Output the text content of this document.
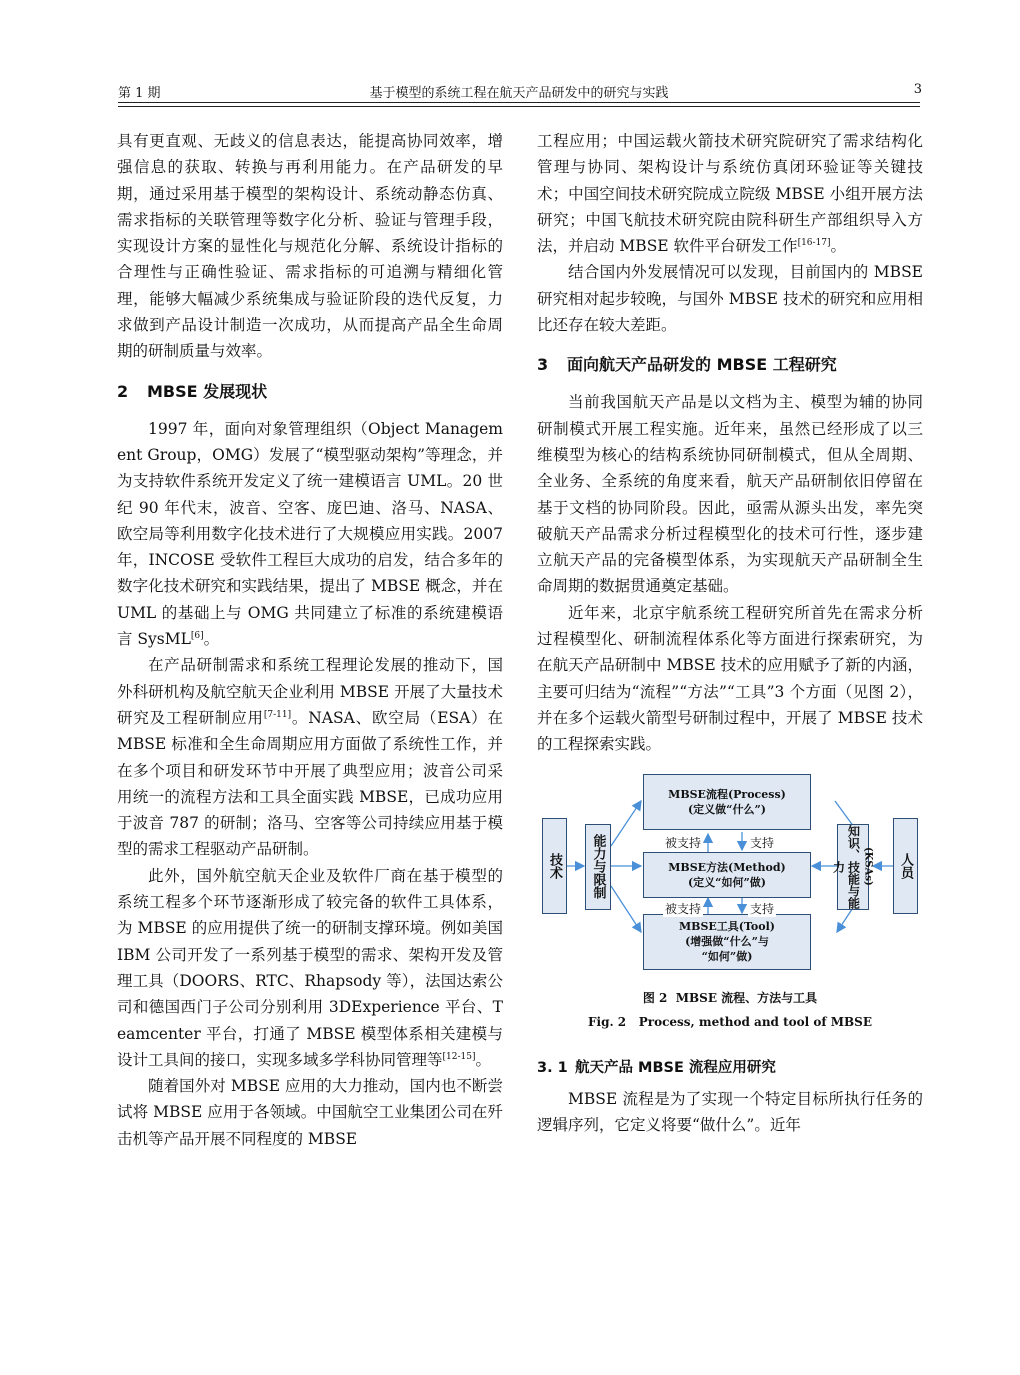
第 1 期	基于模型的系统工程在航天产品研发中的研究与实践	3

具有更直观、无歧义的信息表达，能提高协同效率，增强信息的获取、转换与再利用能力。在产品研发的早期，通过采用基于模型的架构设计、系统动静态仿真、需求指标的关联管理等数字化分析、验证与管理手段，实现设计方案的显性化与规范化分解、系统设计指标的合理性与正确性验证、需求指标的可追溯与精细化管理，能够大幅减少系统集成与验证阶段的迭代反复，力求做到产品设计制造一次成功，从而提高产品全生命周期的研制质量与效率。

2 MBSE 发展现状

1997 年，面向对象管理组织（Object Management Group，OMG）发展了“模型驱动架构”等理念，并为支持软件系统开发定义了统一建模语言 UML。20 世纪 90 年代末，波音、空客、庞巴迪、洛马、NASA、欧空局等利用数字化技术进行了大规模应用实践。2007 年，INCOSE 受软件工程巨大成功的启发，结合多年的数字化技术研究和实践结果，提出了 MBSE 概念，并在 UML 的基础上与 OMG 共同建立了标准的系统建模语言 SysML[6]。

在产品研制需求和系统工程理论发展的推动下，国外科研机构及航空航天企业利用 MBSE 开展了大量技术研究及工程研制应用[7-11]。NASA、欧空局（ESA）在 MBSE 标准和全生命周期应用方面做了系统性工作，并在多个项目和研发环节中开展了典型应用；波音公司采用统一的流程方法和工具全面实践 MBSE，已成功应用于波音 787 的研制；洛马、空客等公司持续应用基于模型的需求工程驱动产品研制。

此外，国外航空航天企业及软件厂商在基于模型的系统工程多个环节逐渐形成了较完备的软件工具体系，为 MBSE 的应用提供了统一的研制支撑环境。例如美国 IBM 公司开发了一系列基于模型的需求、架构开发及管理工具（DOORS、RTC、Rhapsody 等），法国达索公司和德国西门子公司分别利用 3DExperience 平台、Teamcenter 平台，打通了 MBSE 模型体系相关建模与设计工具间的接口，实现多域多学科协同管理等[12-15]。

随着国外对 MBSE 应用的大力推动，国内也不断尝试将 MBSE 应用于各领域。中国航空工业集团公司在歼击机等产品开展不同程度的 MBSE

工程应用；中国运载火箭技术研究院研究了需求结构化管理与协同、架构设计与系统仿真闭环验证等关键技术；中国空间技术研究院成立院级 MBSE 小组开展方法研究；中国飞航技术研究院由院科研生产部组织导入方法，并启动 MBSE 软件平台研发工作[16-17]。

结合国内外发展情况可以发现，目前国内的 MBSE 研究相对起步较晚，与国外 MBSE 技术的研究和应用相比还存在较大差距。

3 面向航天产品研发的 MBSE 工程研究

当前我国航天产品是以文档为主、模型为辅的协同研制模式开展工程实施。近年来，虽然已经形成了以三维模型为核心的结构系统协同研制模式，但从全周期、全业务、全系统的角度来看，航天产品研制依旧停留在基于文档的协同阶段。因此，亟需从源头出发，率先突破航天产品需求分析过程模型化的技术可行性，逐步建立航天产品的完备模型体系，为实现航天产品研制全生命周期的数据贯通奠定基础。

近年来，北京宇航系统工程研究所首先在需求分析过程模型化、研制流程体系化等方面进行探索研究，为在航天产品研制中 MBSE 技术的应用赋予了新的内涵，主要可归结为“流程”“方法”“工具”3 个方面（见图 2），并在多个运载火箭型号研制过程中，开展了 MBSE 技术的工程探索实践。

技术	能力与限制
MBSE流程(Process)
(定义做“什么”)
MBSE方法(Method)
(定义“如何”做)
MBSE工具(Tool)
(增强做“什么”与
“如何”做)
知识、技能与能力	(KSAs)	人员
被支持	支持
被支持	支持
图 2 MBSE 流程、方法与工具
Fig. 2 Process, method and tool of MBSE
3. 1 航天产品 MBSE 流程应用研究

MBSE 流程是为了实现一个特定目标所执行任务的逻辑序列，它定义将要“做什么”。近年
